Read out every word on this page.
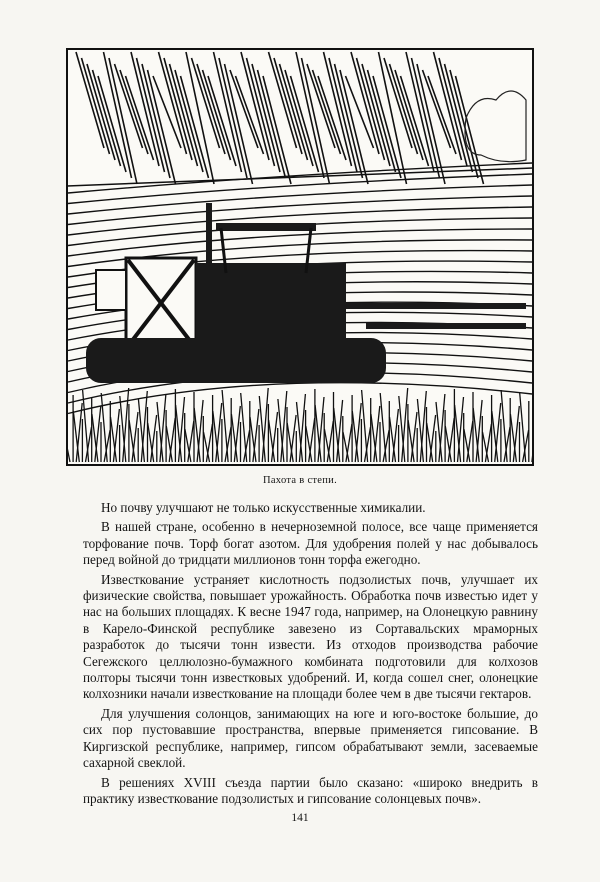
Пахота в степи.

Но почву улучшают не только искусственные химикалии.

В нашей стране, особенно в нечерноземной полосе, все чаще применяется торфование почв. Торф богат азотом. Для удобрения полей у нас добывалось перед войной до тридцати миллионов тонн торфа ежегодно.

Известкование устраняет кислотность подзолистых почв, улучшает их физические свойства, повышает урожайность. Обработка почв известью идет у нас на больших площадях. К весне 1947 года, например, на Олонецкую равнину в Карело-Финской республике завезено из Сортавальских мраморных разработок до тысячи тонн извести. Из отходов производства рабочие Сегежского целлюлозно-бумажного комбината подготовили для колхозов полторы тысячи тонн известковых удобрений. И, когда сошел снег, олонецкие колхозники начали известкование на площади более чем в две тысячи гектаров.

Для улучшения солонцов, занимающих на юге и юго-востоке большие, до сих пор пустовавшие пространства, впервые применяется гипсование. В Киргизской республике, например, гипсом обрабатывают земли, засеваемые сахарной свеклой.

В решениях XVIII съезда партии было сказано: «широко внедрить в практику известкование подзолистых и гипсование солонцевых почв».

141
